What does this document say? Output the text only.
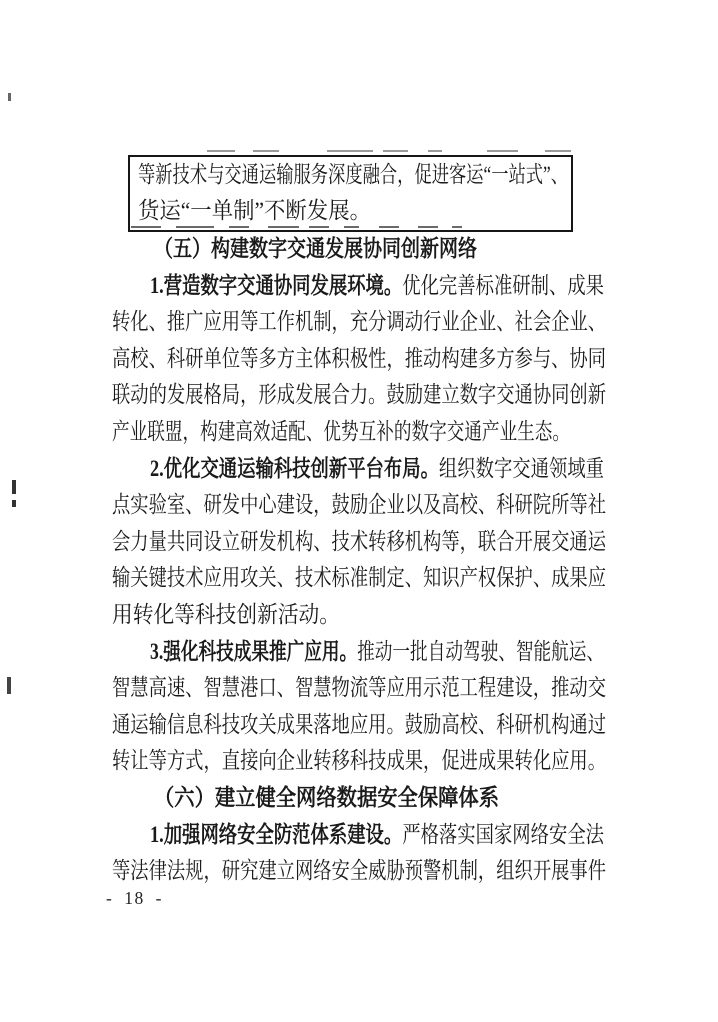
等新技术与交通运输服务深度融合，促进客运“一站式”、
货运“一单制”不断发展。
（五）构建数字交通发展协同创新网络
1.营造数字交通协同发展环境。优化完善标准研制、成果
转化、推广应用等工作机制，充分调动行业企业、社会企业、
高校、科研单位等多方主体积极性，推动构建多方参与、协同
联动的发展格局，形成发展合力。鼓励建立数字交通协同创新
产业联盟，构建高效适配、优势互补的数字交通产业生态。
2.优化交通运输科技创新平台布局。组织数字交通领域重
点实验室、研发中心建设，鼓励企业以及高校、科研院所等社
会力量共同设立研发机构、技术转移机构等，联合开展交通运
输关键技术应用攻关、技术标准制定、知识产权保护、成果应
用转化等科技创新活动。
3.强化科技成果推广应用。推动一批自动驾驶、智能航运、
智慧高速、智慧港口、智慧物流等应用示范工程建设，推动交
通运输信息科技攻关成果落地应用。鼓励高校、科研机构通过
转让等方式，直接向企业转移科技成果，促进成果转化应用。
（六）建立健全网络数据安全保障体系
1.加强网络安全防范体系建设。严格落实国家网络安全法
等法律法规，研究建立网络安全威胁预警机制，组织开展事件
- 18 -
